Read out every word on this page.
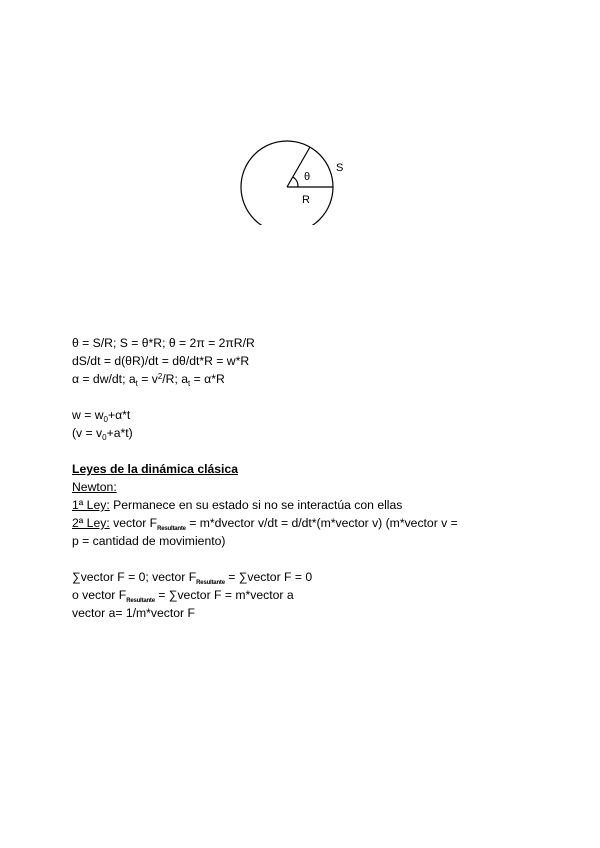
θ
S
R
θ = S/R; S = θ*R; θ = 2π = 2πR/R
dS/dt = d(θR)/dt = dθ/dt*R = w*R
α = dw/dt; $a_t = v^2/R$; $a_t = \alpha*R$
$w = w_0+\alpha*t$
$(v = v_0+a*t)$
Leyes de la dinámica clásica
Newton:
1ª Ley: Permanece en su estado si no se interactúa con ellas
2ª Ley: vector $F_{Resultante}$ = m*dvector v/dt = d/dt*(m*vector v) (m*vector v =
p = cantidad de movimiento)
∑vector F = 0; vector $F_{Resultante}$ = ∑vector F = 0
o vector $F_{Resultante}$ = ∑vector F = m*vector a
vector a= 1/m*vector F
